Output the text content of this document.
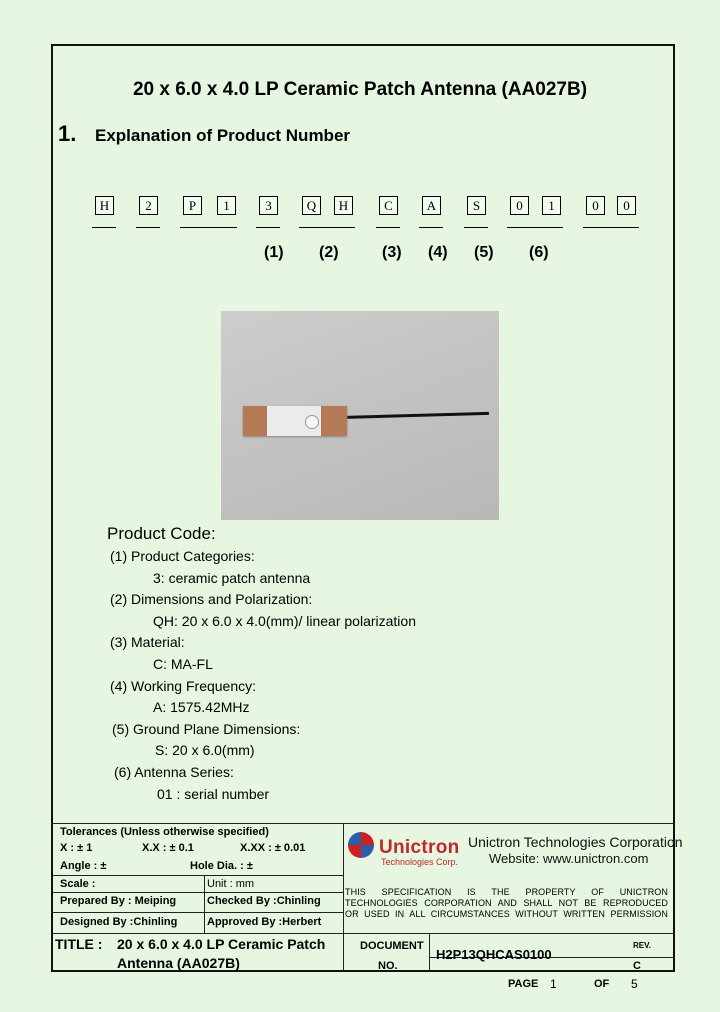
20 x 6.0 x 4.0 LP Ceramic Patch Antenna (AA027B)
1. Explanation of Product Number
H	2	P	1	3	Q	H	C	A	S	0	1	0	0
(1) (2)	(3) (4) (5) (6)
Product Code:
(1) Product Categories:
3: ceramic patch antenna
(2) Dimensions and Polarization:
QH: 20 x 6.0 x 4.0(mm)/ linear polarization
(3) Material:
C: MA-FL
(4) Working Frequency:
A: 1575.42MHz
(5) Ground Plane Dimensions:
S: 20 x 6.0(mm)
(6) Antenna Series:
01 : serial number
Tolerances (Unless otherwise specified)
X : ± 1	X.X : ± 0.1	X.XX : ± 0.01
Angle : ±	Hole Dia. : ±
Scale :	Unit : mm
Prepared By : Meiping	Checked By :Chinling
Designed By :Chinling	Approved By :Herbert
Unictron
Technologies Corp.
Unictron Technologies Corporation
Website: www.unictron.com
THIS SPECIFICATION IS THE PROPERTY OF UNICTRON
TECHNOLOGIES CORPORATION AND SHALL NOT BE REPRODUCED
OR USED IN ALL CIRCUMSTANCES WITHOUT WRITTEN PERMISSION
TITLE : 20 x 6.0 x 4.0 LP Ceramic Patch
Antenna (AA027B)
DOCUMENT
NO.
H2P13QHCAS0100
REV.
C
PAGE 1	OF 5
